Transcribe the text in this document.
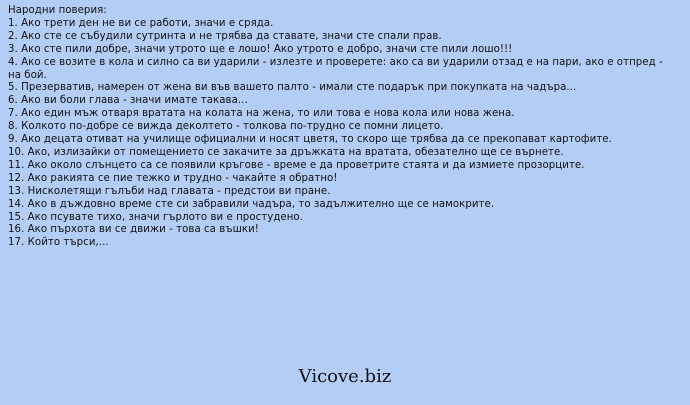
Народни поверия:

1. Ако трети ден не ви се работи, значи е сряда.

2. Ако сте се събудили сутринта и не трябва да ставате, значи сте спали прав.

3. Ако сте пили добре, значи утрото ще е лошо! Ако утрото е добро, значи сте пили лошо!!!

4. Ако се возите в кола и силно са ви ударили - излезте и проверете: ако са ви ударили отзад е на пари, ако е отпред - на бой.

5. Презерватив, намерен от жена ви във вашето палто - имали сте подарък при покупката на чадъра...

6. Ако ви боли глава - значи имате такава...

7. Ако един мъж отваря вратата на колата на жена, то или това е нова кола или нова жена.

8. Колкото по-добре се вижда деколтето - толкова по-трудно се помни лицето.

9. Ако децата отиват на училище официални и носят цветя, то скоро ще трябва да се прекопават картофите.

10. Ако, излизайки от помещението се закачите за дръжката на вратата, обезателно ще се върнете.

11. Ако около слънцето са се появили кръгове - време е да проветрите стаята и да измиете прозорците.

12. Ако ракията се пие тежко и трудно - чакайте я обратно!

13. Нисколетящи гълъби над главата - предстои ви пране.

14. Ако в дъждовно време сте си забравили чадъра, то задължително ще се намокрите.

15. Ако псувате тихо, значи гърлото ви е простудено.

16. Ако пърхота ви се движи - това са въшки!

17. Който търси,...

Vicove.biz
